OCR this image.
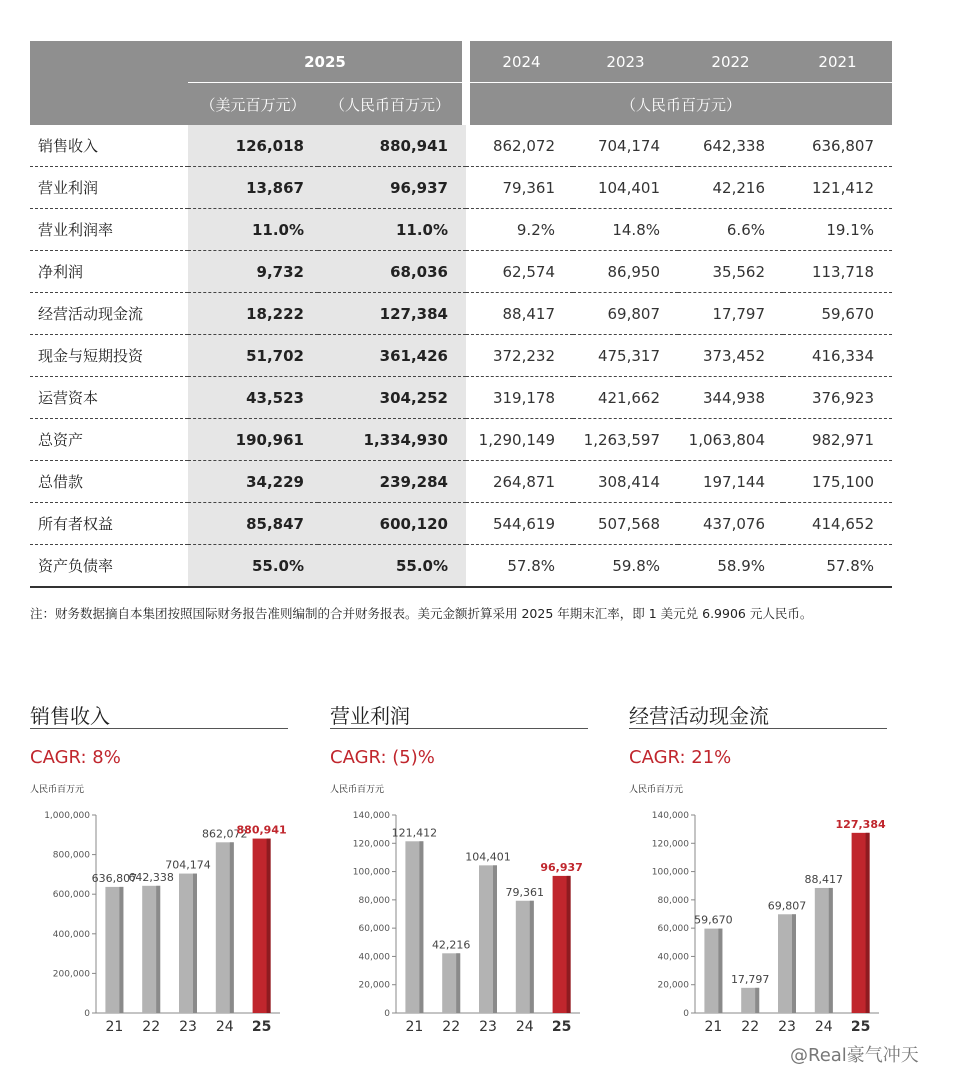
	2025		2024	2023	2022	2021
	（美元百万元）	（人民币百万元）	（人民币百万元）			
销售收入	126,018	880,941	862,072	704,174	642,338	636,807
营业利润	13,867	96,937	79,361	104,401	42,216	121,412
营业利润率	11.0%	11.0%	9.2%	14.8%	6.6%	19.1%
净利润	9,732	68,036	62,574	86,950	35,562	113,718
经营活动现金流	18,222	127,384	88,417	69,807	17,797	59,670
现金与短期投资	51,702	361,426	372,232	475,317	373,452	416,334
运营资本	43,523	304,252	319,178	421,662	344,938	376,923
总资产	190,961	1,334,930	1,290,149	1,263,597	1,063,804	982,971
总借款	34,229	239,284	264,871	308,414	197,144	175,100
所有者权益	85,847	600,120	544,619	507,568	437,076	414,652
资产负债率	55.0%	55.0%	57.8%	59.8%	58.9%	57.8%
注：财务数据摘自本集团按照国际财务报告准则编制的合并财务报表。美元金额折算采用 2025 年期末汇率，即 1 美元兑 6.9906 元人民币。
销售收入
CAGR: 8%
人民币百万元
0
200,000
400,000
600,000
800,000
1,000,000
636,807
21
642,338
22
704,174
23
862,072
24
880,941
25
营业利润
CAGR: (5)%
人民币百万元
0
20,000
40,000
60,000
80,000
100,000
120,000
140,000
121,412
21
42,216
22
104,401
23
79,361
24
96,937
25
经营活动现金流
CAGR: 21%
人民币百万元
0
20,000
40,000
60,000
80,000
100,000
120,000
140,000
59,670
21
17,797
22
69,807
23
88,417
24
127,384
25
@Real豪气冲天
